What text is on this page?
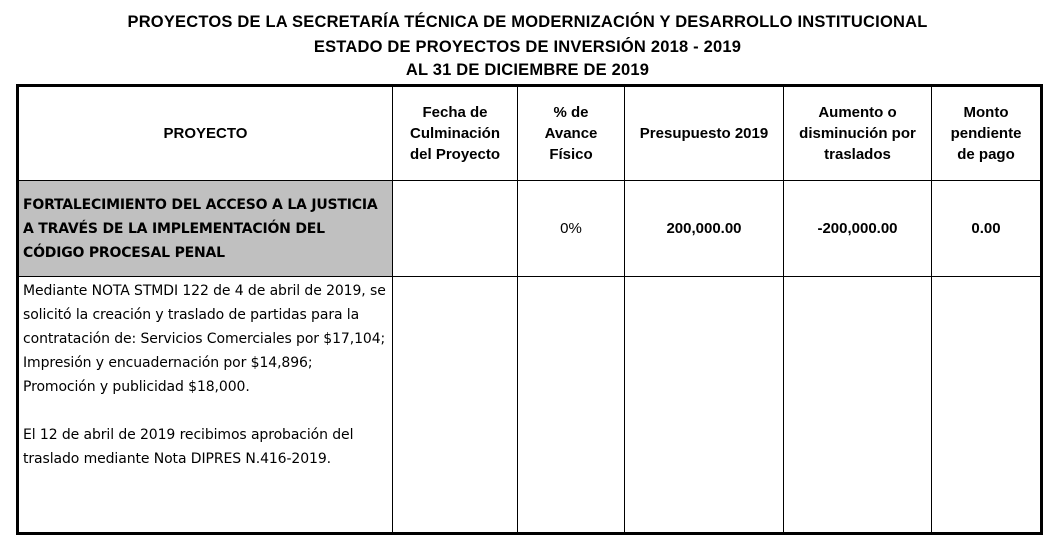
PROYECTOS DE LA SECRETARÍA TÉCNICA DE MODERNIZACIÓN Y DESARROLLO INSTITUCIONAL
ESTADO DE PROYECTOS DE INVERSIÓN 2018 - 2019
AL 31 DE DICIEMBRE DE 2019
PROYECTO	Fecha de Culminación del Proyecto	% de Avance Físico	Presupuesto 2019	Aumento o disminución por traslados	Monto pendiente de pago
FORTALECIMIENTO DEL ACCESO A LA JUSTICIA A TRAVÉS DE LA IMPLEMENTACIÓN DEL CÓDIGO PROCESAL PENAL		0%	200,000.00	-200,000.00	0.00

Mediante NOTA STMDI 122 de 4 de abril de 2019, se solicitó la creación y traslado de partidas para la contratación de: Servicios Comerciales por $17,104; Impresión y encuadernación por $14,896; Promoción y publicidad $18,000.

El 12 de abril de 2019 recibimos aprobación del traslado mediante Nota DIPRES N.416-2019.					
